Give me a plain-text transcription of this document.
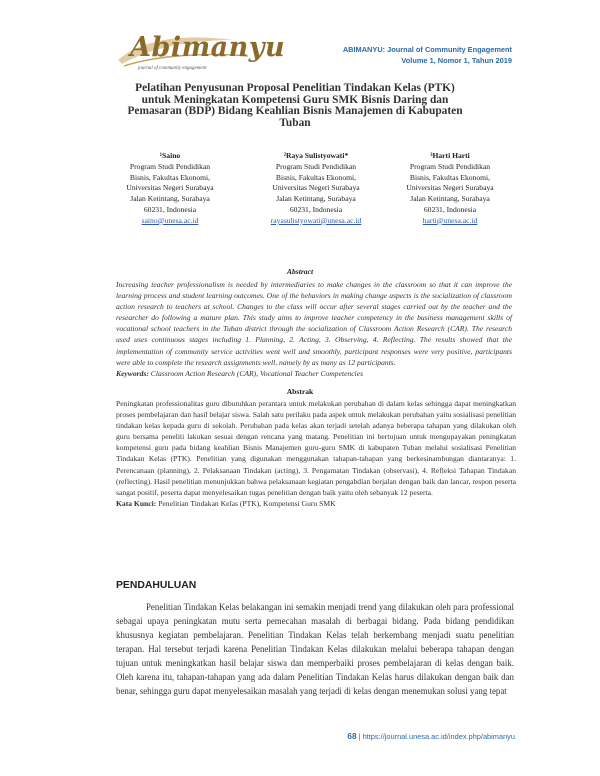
Abimanyu
journal of community engagement
ABIMANYU: Journal of Community Engagement
Volume 1, Nomor 1, Tahun 2019
Pelatihan Penyusunan Proposal Penelitian Tindakan Kelas (PTK) untuk Meningkatan Kompetensi Guru SMK Bisnis Daring dan Pemasaran (BDP) Bidang Keahlian Bisnis Manajemen di Kabupaten Tuban
¹Saino
Program Studi Pendidikan
Bisnis, Fakultas Ekonomi,
Universitas Negeri Surabaya
Jalan Ketintang, Surabaya
60231, Indonesia
saino@unesa.ac.id
²Raya Sulistyowati*
Program Studi Pendidikan
Bisnis, Fakultas Ekonomi,
Universitas Negeri Surabaya
Jalan Ketintang, Surabaya
60231, Indonesia
rayasulistyowati@unesa.ac.id
³Harti Harti
Program Studi Pendidikan
Bisnis, Fakultas Ekonomi,
Universitas Negeri Surabaya
Jalan Ketintang, Surabaya
60231, Indonesia
harti@unesa.ac.id
Abstract
Increasing teacher professionalism is needed by intermediaries to make changes in the classroom so that it can improve the learning process and student learning outcomes. One of the behaviors in making change aspects is the socialization of classroom action research to teachers at school. Changes to the class will occur after several stages carried out by the teacher and the researcher do following a mature plan. This study aims to improve teacher competency in the business management skills of vocational school teachers in the Tuban district through the socialization of Classroom Action Research (CAR). The research used uses continuous stages including 1. Planning, 2. Acting, 3. Observing, 4. Reflecting. The results showed that the implementation of community service activities went well and smoothly, participant responses were very positive, participants were able to complete the research assignments well, namely by as many as 12 participants.
Keywords: Classroom Action Research (CAR), Vocational Teacher Competencies
Abstrak
Peningkatan professionalitas guru dibutuhkan perantara untuk melakukan perubahan di dalam kelas sehingga dapat meningkatkan proses pembelajaran dan hasil belajar siswa. Salah satu perilaku pada aspek untuk melakukan perubahan yaitu sosialisasi penelitian tindakan kelas kepada guru di sekolah. Perubahan pada kelas akan terjadi setelah adanya beberapa tahapan yang dilakukan oleh guru bersama peneliti lakukan sesuai dengan rencana yang matang. Penelitian ini bertujuan untuk mengupayakan peningkatan kompetensi guru pada bidang keahlian Bisnis Manajemen guru-guru SMK di kabupaten Tuban melalui sosialisasi Penelitian Tindakan Kelas (PTK). Penelitian yang digunakan menggunakan tahapan-tahapan yang berkesinambungan diantaranya: 1. Perencanaan (planning), 2. Pelaksanaan Tindakan (acting), 3. Pengamatan Tindakan (observasi), 4. Refleksi Tahapan Tindakan (reflecting). Hasil penelitian menunjukkan bahwa pelaksanaan kegiatan pengabdian berjalan dengan baik dan lancar, respon peserta sangat positif, peserta dapat menyelesaikan tugas penelitian dengan baik yaitu oleh sebanyak 12 peserta.
Kata Kunci: Penelitian Tindakan Kelas (PTK), Kompetensi Guru SMK
PENDAHULUAN

Penelitian Tindakan Kelas belakangan ini semakin menjadi trend yang dilakukan oleh para professional sebagai upaya peningkatan mutu serta pemecahan masalah di berbagai bidang. Pada bidang pendidikan khususnya kegiatan pembelajaran. Penelitian Tindakan Kelas telah berkembang menjadi suatu penelitian terapan. Hal tersebut terjadi karena Penelitian Tindakan Kelas dilakukan melalui beberapa tahapan dengan tujuan untuk meningkatkan hasil belajar siswa dan memperbaiki proses pembelajaran di kelas dengan baik. Oleh karena itu, tahapan-tahapan yang ada dalam Penelitian Tindakan Kelas harus dilakukan dengan baik dan benar, sehingga guru dapat menyelesaikan masalah yang terjadi di kelas dengan menemukan solusi yang tepat

68 | https://journal.unesa.ac.id/index.php/abimanyu
